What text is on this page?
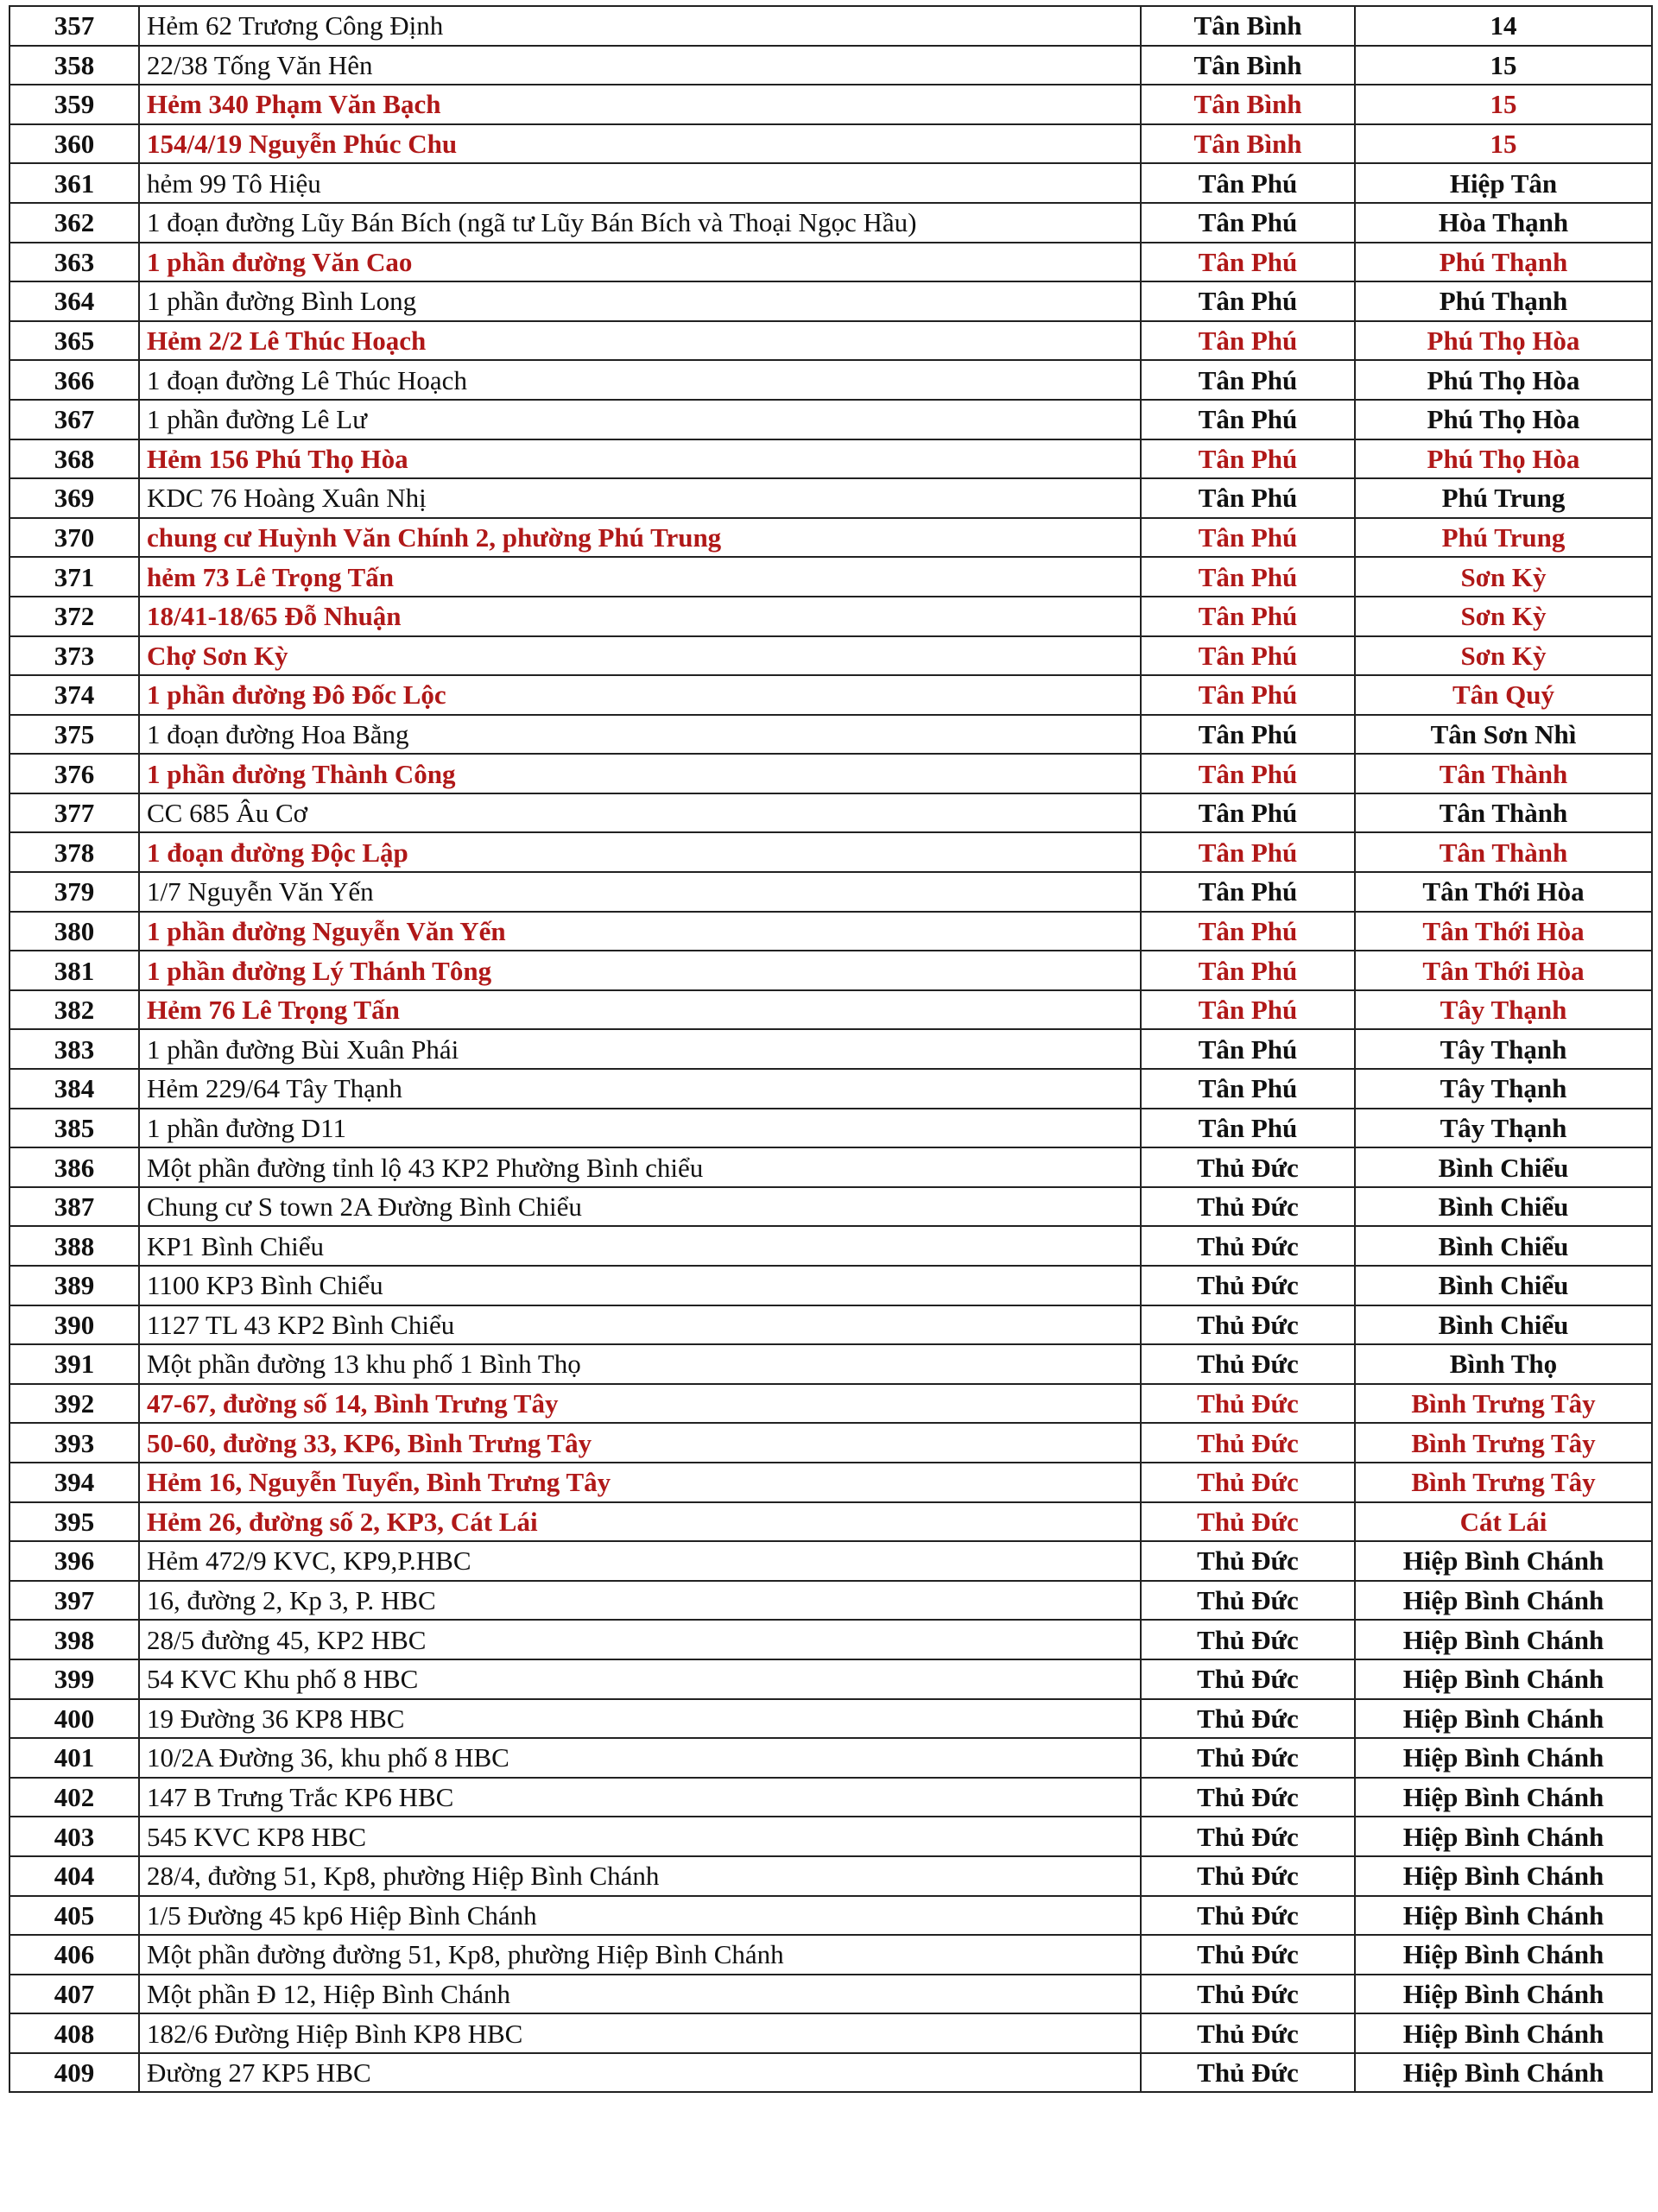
357	Hẻm 62 Trương Công Định	Tân Bình	14
358	22/38 Tống Văn Hên	Tân Bình	15
359	Hẻm 340 Phạm Văn Bạch	Tân Bình	15
360	154/4/19 Nguyễn Phúc Chu	Tân Bình	15
361	hẻm 99 Tô Hiệu	Tân Phú	Hiệp Tân
362	1 đoạn đường Lũy Bán Bích (ngã tư Lũy Bán Bích và Thoại Ngọc Hầu)	Tân Phú	Hòa Thạnh
363	1 phần đường Văn Cao	Tân Phú	Phú Thạnh
364	1 phần đường Bình Long	Tân Phú	Phú Thạnh
365	Hẻm 2/2 Lê Thúc Hoạch	Tân Phú	Phú Thọ Hòa
366	1 đoạn đường Lê Thúc Hoạch	Tân Phú	Phú Thọ Hòa
367	1 phần đường Lê Lư	Tân Phú	Phú Thọ Hòa
368	Hẻm 156 Phú Thọ Hòa	Tân Phú	Phú Thọ Hòa
369	KDC 76 Hoàng Xuân Nhị	Tân Phú	Phú Trung
370	chung cư Huỳnh Văn Chính 2, phường Phú Trung	Tân Phú	Phú Trung
371	hẻm 73 Lê Trọng Tấn	Tân Phú	Sơn Kỳ
372	18/41-18/65 Đỗ Nhuận	Tân Phú	Sơn Kỳ
373	Chợ Sơn Kỳ	Tân Phú	Sơn Kỳ
374	1 phần đường Đô Đốc Lộc	Tân Phú	Tân Quý
375	1 đoạn đường Hoa Bằng	Tân Phú	Tân Sơn Nhì
376	1 phần đường Thành Công	Tân Phú	Tân Thành
377	CC 685 Âu Cơ	Tân Phú	Tân Thành
378	1 đoạn đường Độc Lập	Tân Phú	Tân Thành
379	1/7 Nguyễn Văn Yến	Tân Phú	Tân Thới Hòa
380	1 phần đường Nguyễn Văn Yến	Tân Phú	Tân Thới Hòa
381	1 phần đường Lý Thánh Tông	Tân Phú	Tân Thới Hòa
382	Hẻm 76 Lê Trọng Tấn	Tân Phú	Tây Thạnh
383	1 phần đường Bùi Xuân Phái	Tân Phú	Tây Thạnh
384	Hẻm 229/64 Tây Thạnh	Tân Phú	Tây Thạnh
385	1 phần đường D11	Tân Phú	Tây Thạnh
386	Một phần đường tỉnh lộ 43 KP2 Phường Bình chiểu	Thủ Đức	Bình Chiểu
387	Chung cư S town 2A Đường Bình Chiểu	Thủ Đức	Bình Chiểu
388	KP1 Bình Chiểu	Thủ Đức	Bình Chiểu
389	1100 KP3 Bình Chiểu	Thủ Đức	Bình Chiểu
390	1127 TL 43 KP2 Bình Chiểu	Thủ Đức	Bình Chiểu
391	Một phần đường 13 khu phố 1 Bình Thọ	Thủ Đức	Bình Thọ
392	47-67, đường số 14, Bình Trưng Tây	Thủ Đức	Bình Trưng Tây
393	50-60, đường 33, KP6, Bình Trưng Tây	Thủ Đức	Bình Trưng Tây
394	Hẻm 16, Nguyễn Tuyển, Bình Trưng Tây	Thủ Đức	Bình Trưng Tây
395	Hẻm 26, đường số 2, KP3, Cát Lái	Thủ Đức	Cát Lái
396	Hẻm 472/9 KVC, KP9,P.HBC	Thủ Đức	Hiệp Bình Chánh
397	16, đường 2, Kp 3, P. HBC	Thủ Đức	Hiệp Bình Chánh
398	28/5 đường 45, KP2 HBC	Thủ Đức	Hiệp Bình Chánh
399	54 KVC Khu phố 8 HBC	Thủ Đức	Hiệp Bình Chánh
400	19 Đường 36 KP8 HBC	Thủ Đức	Hiệp Bình Chánh
401	10/2A Đường 36, khu phố 8 HBC	Thủ Đức	Hiệp Bình Chánh
402	147 B Trưng Trắc KP6 HBC	Thủ Đức	Hiệp Bình Chánh
403	545 KVC KP8 HBC	Thủ Đức	Hiệp Bình Chánh
404	28/4, đường 51, Kp8, phường Hiệp Bình Chánh	Thủ Đức	Hiệp Bình Chánh
405	1/5 Đường 45 kp6 Hiệp Bình Chánh	Thủ Đức	Hiệp Bình Chánh
406	Một phần đường đường 51, Kp8, phường Hiệp Bình Chánh	Thủ Đức	Hiệp Bình Chánh
407	Một phần Đ 12, Hiệp Bình Chánh	Thủ Đức	Hiệp Bình Chánh
408	182/6 Đường Hiệp Bình KP8 HBC	Thủ Đức	Hiệp Bình Chánh
409	Đường 27 KP5 HBC	Thủ Đức	Hiệp Bình Chánh
